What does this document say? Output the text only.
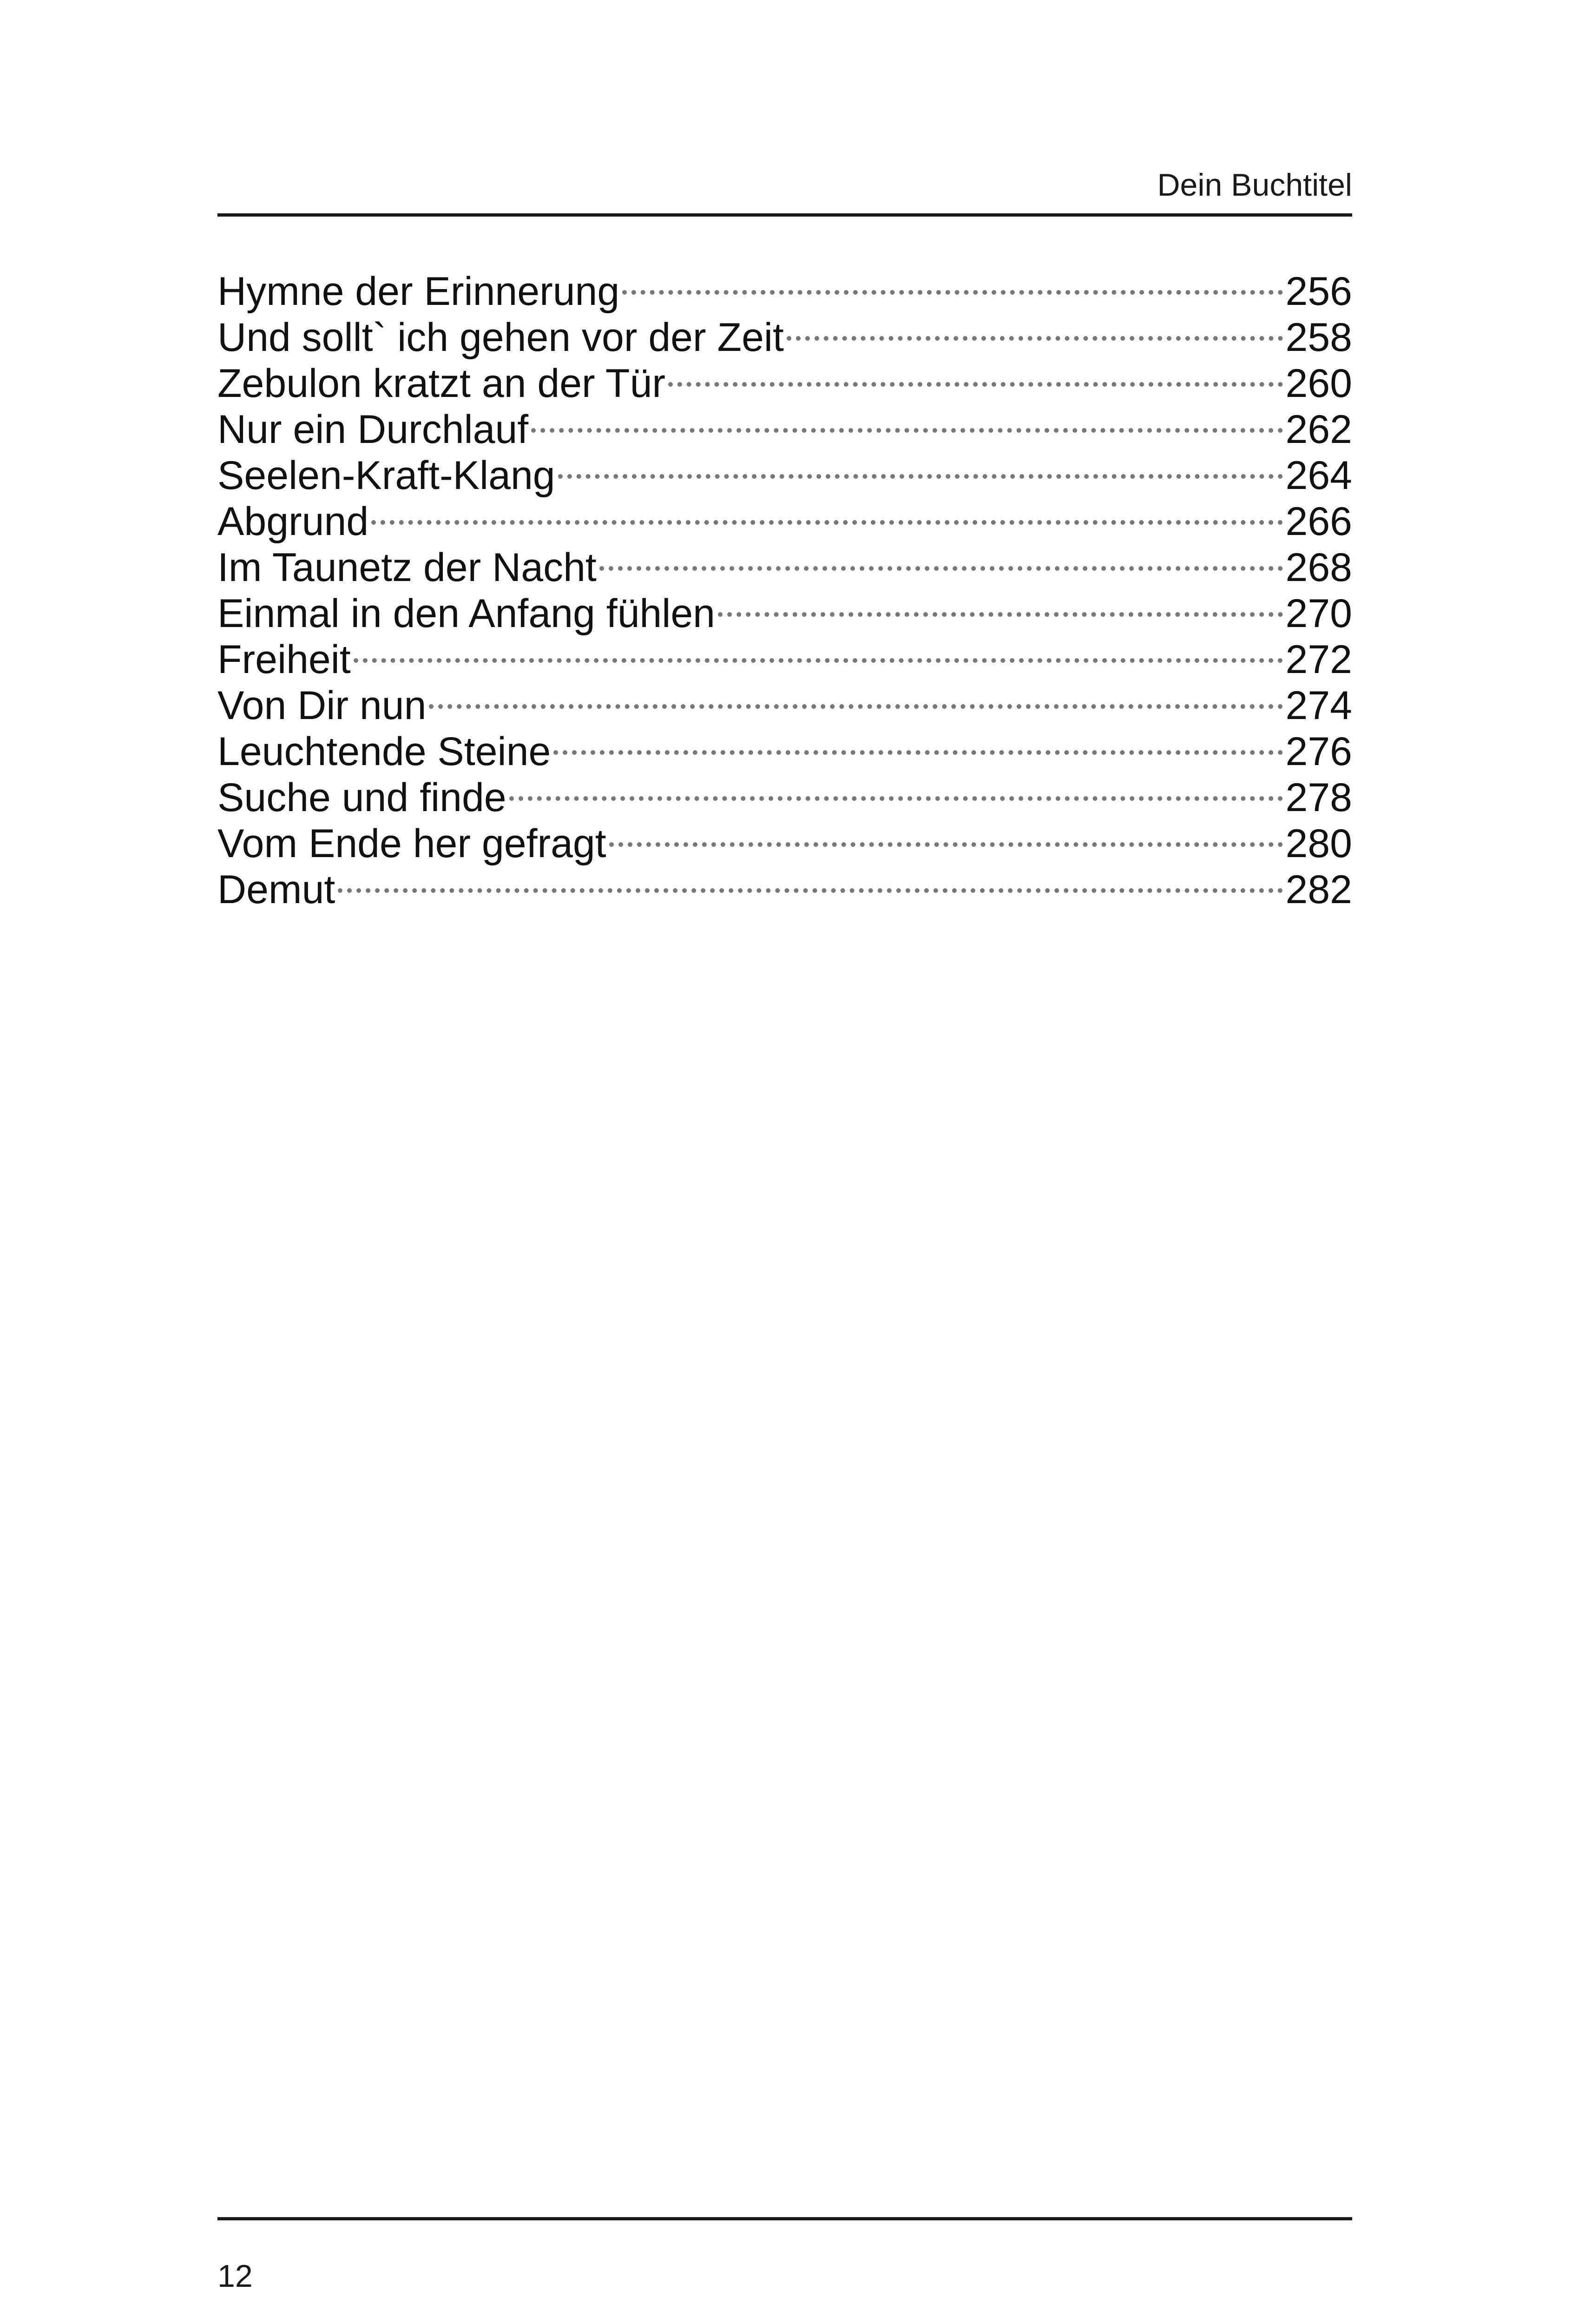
Dein Buchtitel
Hymne der Erinnerung	256
Und sollt` ich gehen vor der Zeit	258
Zebulon kratzt an der Tür	260
Nur ein Durchlauf	262
Seelen-Kraft-Klang	264
Abgrund	266
Im Taunetz der Nacht	268
Einmal in den Anfang fühlen	270
Freiheit	272
Von Dir nun	274
Leuchtende Steine	276
Suche und finde	278
Vom Ende her gefragt	280
Demut	282
12
